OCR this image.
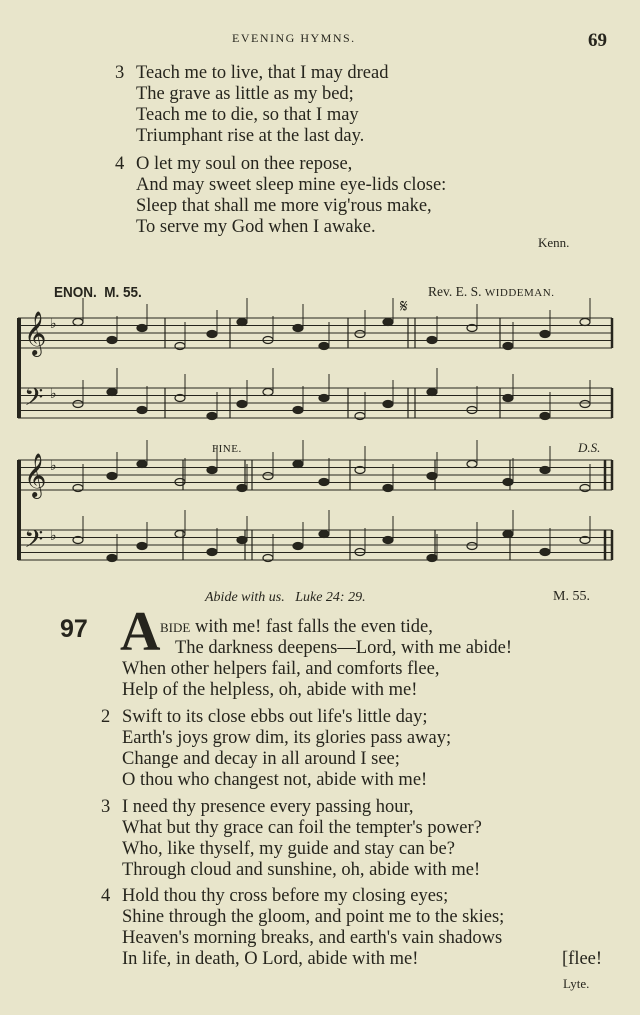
EVENING HYMNS.	69
3 Teach me to live, that I may dread
The grave as little as my bed;
Teach me to die, so that I may
Triumphant rise at the last day.
4 O let my soul on thee repose,
And may sweet sleep mine eye-lids close:
Sleep that shall me more vig'rous make,
To serve my God when I awake.
Kenn.
ENON. M. 55.	Rev. E. S. WIDDEMAN.
𝄋
FINE.	D.S.
𝄞 ♭
𝄢 ♭
𝄞 ♭
𝄢 ♭
Abide with us.   Luke 24: 29.	M. 55.
97 A BIDE with me! fast falls the even tide,
The darkness deepens—Lord, with me abide!
When other helpers fail, and comforts flee,
Help of the helpless, oh, abide with me!
2 Swift to its close ebbs out life's little day;
Earth's joys grow dim, its glories pass away;
Change and decay in all around I see;
O thou who changest not, abide with me!
3 I need thy presence every passing hour,
What but thy grace can foil the tempter's power?
Who, like thyself, my guide and stay can be?
Through cloud and sunshine, oh, abide with me!
4 Hold thou thy cross before my closing eyes;
Shine through the gloom, and point me to the skies;
Heaven's morning breaks, and earth's vain shadows
In life, in death, O Lord, abide with me!	[flee!
Lyte.
